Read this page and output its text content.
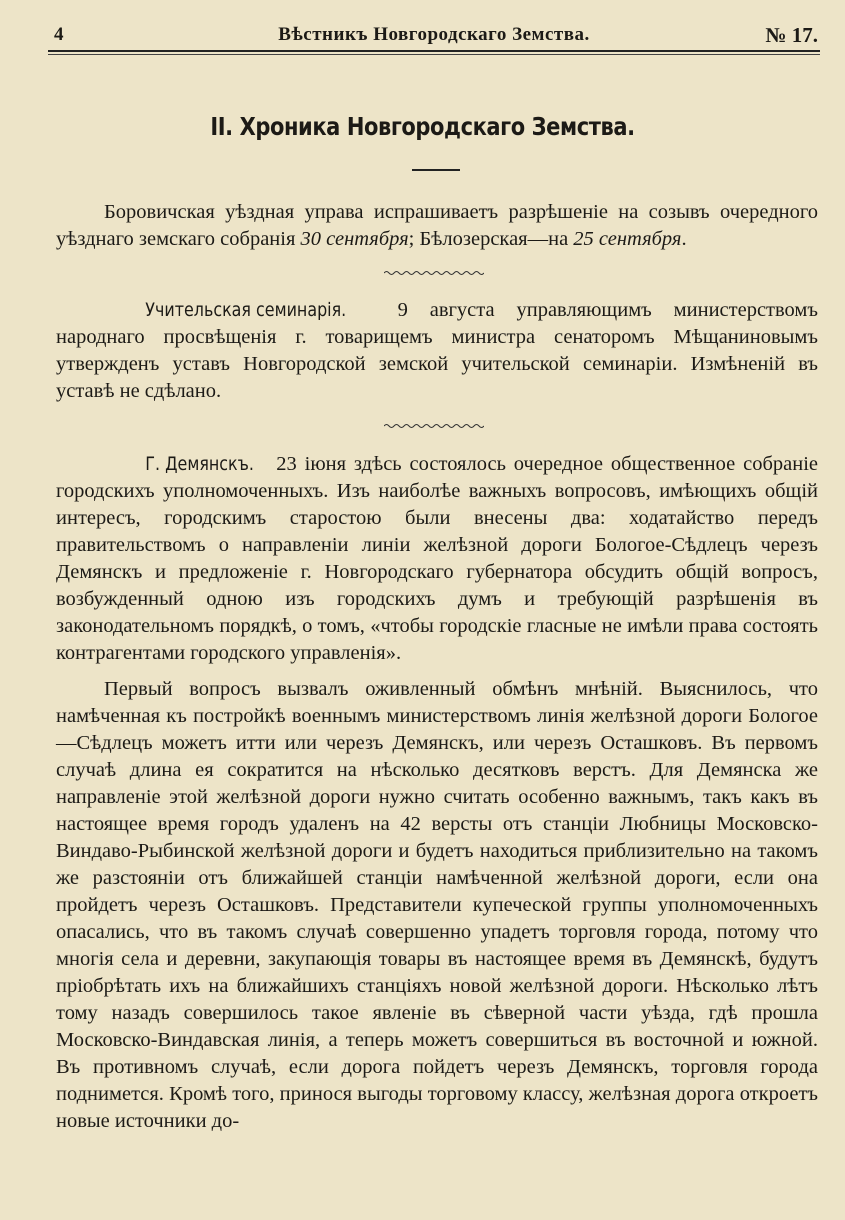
4	Вѣстникъ Новгородскаго Земства.	№ 17.
II. Хроника Новгородскаго Земства.

Боровичская уѣздная управа испрашиваетъ разрѣшеніе на созывъ очередного уѣзднаго земскаго собранія 30 сентября; Бѣлозерская—на 25 сентября.

Учительская семинарія. 9 августа управляющимъ министерствомъ народнаго просвѣщенія г. товарищемъ министра сенаторомъ Мѣщаниновымъ утвержденъ уставъ Новгородской земской учительской семинаріи. Измѣненій въ уставѣ не сдѣлано.

Г. Демянскъ. 23 іюня здѣсь состоялось очередное общественное собраніе городскихъ уполномоченныхъ. Изъ наиболѣе важныхъ вопросовъ, имѣющихъ общій интересъ, городскимъ старостою были внесены два: ходатайство передъ правительствомъ о направленіи линіи желѣзной дороги Бологое-Сѣдлецъ черезъ Демянскъ и предложеніе г. Новгородскаго губернатора обсудить общій вопросъ, возбужденный одною изъ городскихъ думъ и требующій разрѣшенія въ законодательномъ порядкѣ, о томъ, «чтобы городскіе гласные не имѣли права состоять контрагентами городского управленія».

Первый вопросъ вызвалъ оживленный обмѣнъ мнѣній. Выяснилось, что намѣченная къ постройкѣ военнымъ министерствомъ линія желѣзной дороги Бологое—Сѣдлецъ можетъ итти или черезъ Демянскъ, или черезъ Осташковъ. Въ первомъ случаѣ длина ея сократится на нѣсколько десятковъ верстъ. Для Демянска же направленіе этой желѣзной дороги нужно считать особенно важнымъ, такъ какъ въ настоящее время городъ удаленъ на 42 версты отъ станціи Любницы Московско-Виндаво-Рыбинской желѣзной дороги и будетъ находиться приблизительно на такомъ же разстояніи отъ ближайшей станціи намѣченной желѣзной дороги, если она пройдетъ черезъ Осташковъ. Представители купеческой группы уполномоченныхъ опасались, что въ такомъ случаѣ совершенно упадетъ торговля города, потому что многія села и деревни, закупающія товары въ настоящее время въ Демянскѣ, будутъ пріобрѣтать ихъ на ближайшихъ станціяхъ новой желѣзной дороги. Нѣсколько лѣтъ тому назадъ совершилось такое явленіе въ сѣверной части уѣзда, гдѣ прошла Московско-Виндавская линія, а теперь можетъ совершиться въ восточной и южной. Въ противномъ случаѣ, если дорога пойдетъ черезъ Демянскъ, торговля города поднимется. Кромѣ того, принося выгоды торговому классу, желѣзная дорога откроетъ новые источники до-
